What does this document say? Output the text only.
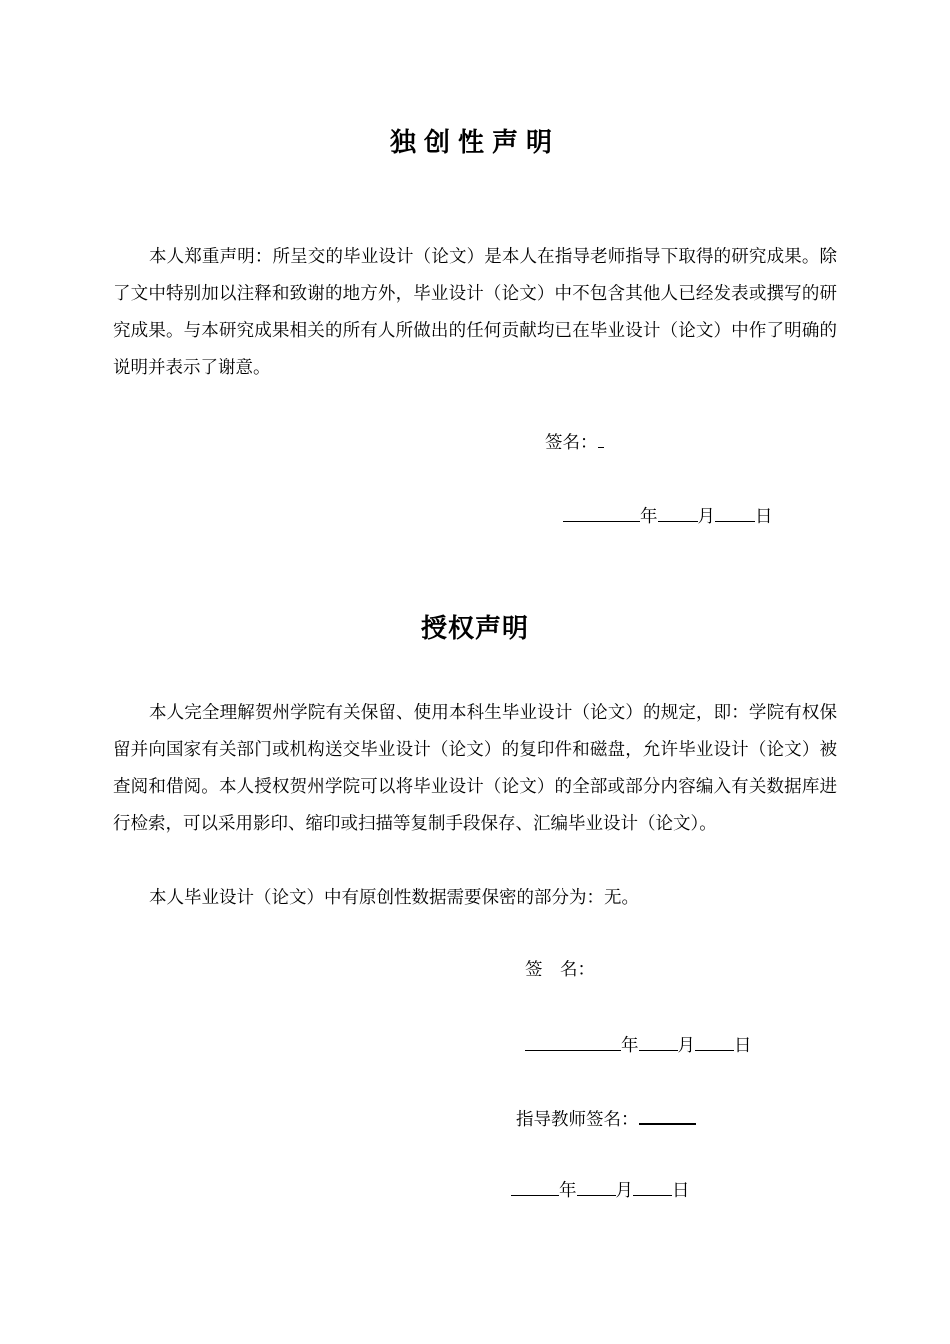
独创性声明
本人郑重声明：所呈交的毕业设计（论文）是本人在指导老师指导下取得的研究成果。除了文中特别加以注释和致谢的地方外，毕业设计（论文）中不包含其他人已经发表或撰写的研究成果。与本研究成果相关的所有人所做出的任何贡献均已在毕业设计（论文）中作了明确的说明并表示了谢意。
签名：
年 月 日
授权声明
本人完全理解贺州学院有关保留、使用本科生毕业设计（论文）的规定，即：学院有权保留并向国家有关部门或机构送交毕业设计（论文）的复印件和磁盘，允许毕业设计（论文）被查阅和借阅。本人授权贺州学院可以将毕业设计（论文）的全部或部分内容编入有关数据库进行检索，可以采用影印、缩印或扫描等复制手段保存、汇编毕业设计（论文）。
本人毕业设计（论文）中有原创性数据需要保密的部分为：无。
签　名：
年 月 日
指导教师签名：
年 月 日
